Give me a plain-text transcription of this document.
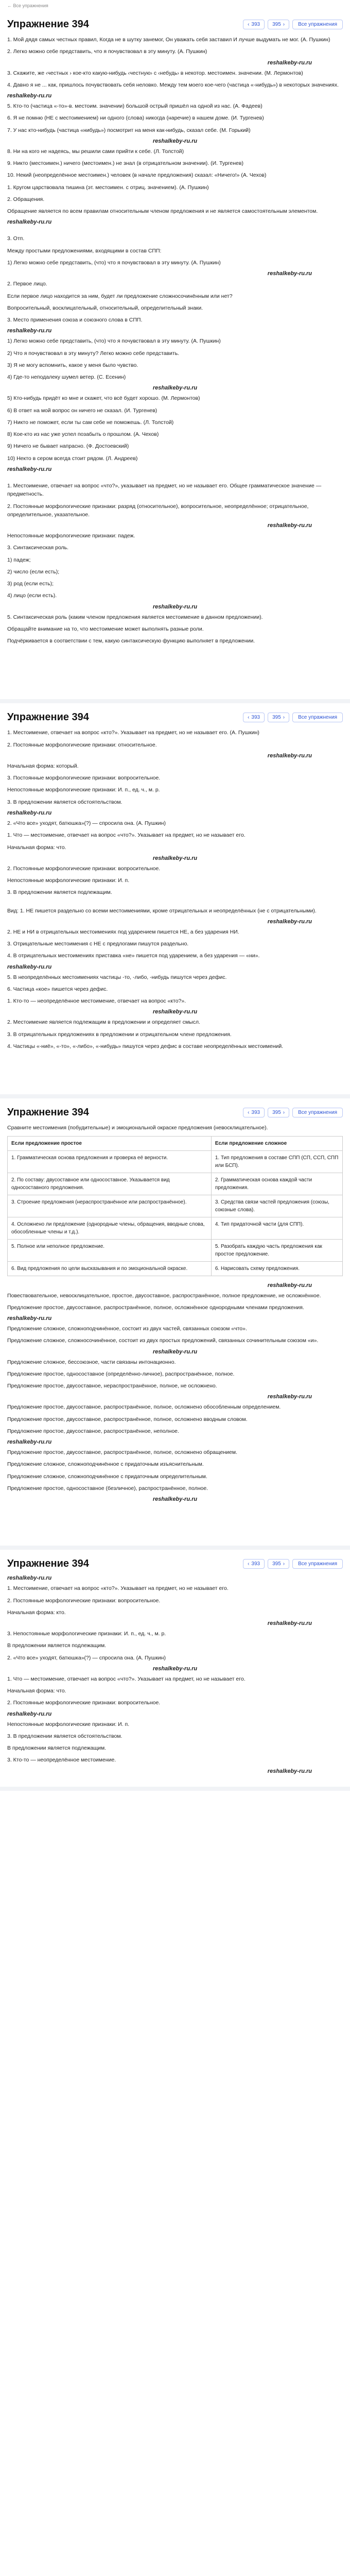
← Все упражнения
Упражнение 394	‹ 393 395 ›	Все упражнения

1. Мой дядя самых честных правил, Когда не в шутку занемог, Он уважать себя заставил И лучше выдумать не мог. (А. Пушкин)

2. Легко можно себе представить, что я почувствовал в эту минуту. (А. Пушкин)

reshalkeby-ru.ru

3. Скажите, же ‹честных › кое-кто какую-нибудь ‹честную› с ‹небудь› в некотор. местоимен. значении. (М. Лермонтов)

4. Давно я не ... как, пришлось почувствовать себя неловко. Между тем моего кое-чего (частица «-нибудь») в некоторых значениях.

reshalkeby-ru.ru

5. Кто-то (частица «-то»-в. местоим. значении) большой острый пришёл на одной из нас. (А. Фадеев)

6. Я не помню (НЕ с местоимением) ни одного (слова) никогда (наречие) в нашем доме. (И. Тургенев)

7. У нас кто-нибудь (частица «нибудь») посмотрит на меня как-нибудь, сказал себе. (М. Горький)

reshalkeby-ru.ru

8. Ни на кого не надеясь, мы решили сами прийти к себе. (Л. Толстой)

9. Никто (местоимен.) ничего (местоимен.) не знал (в отрицательном значении). (И. Тургенев)

10. Некий (неопределённое местоимен.) человек (в начале предложения) сказал: «Ничего!» (А. Чехов)

1. Кругом царствовала тишина (эт. местоимен. с отриц. значением). (А. Пушкин)

2. Обращения.

Обращение является по всем правилам относительным членом предложения и не является самостоятельным элементом.

reshalkeby-ru.ru

3. Отп.

Между простыми предложениями, входящими в состав СПП:

1) Легко можно себе представить, (что) что я почувствовал в эту минуту. (А. Пушкин)

reshalkeby-ru.ru

2. Первое лицо.

Если первое лицо находится за ним, будет ли предложение сложносочинённым или нет?

Вопросительный, восклицательный, относительный, определительный знаки.

3. Место применения союза и союзного слова в СПП.

reshalkeby-ru.ru

1) Легко можно себе представить, (что) что я почувствовал в эту минуту. (А. Пушкин)

2) Что я почувствовал в эту минуту? Легко можно себе представить.

3) Я не могу вспомнить, какое у меня было чувство.

4) Где-то неподалеку шумел ветер. (С. Есенин)

reshalkeby-ru.ru

5) Кто-нибудь придёт ко мне и скажет, что всё будет хорошо. (М. Лермонтов)

6) В ответ на мой вопрос он ничего не сказал. (И. Тургенев)

7) Никто не поможет, если ты сам себе не поможешь. (Л. Толстой)

8) Кое-кто из нас уже успел позабыть о прошлом. (А. Чехов)

9) Ничего не бывает напрасно. (Ф. Достоевский)

10) Некто в сером всегда стоит рядом. (Л. Андреев)

reshalkeby-ru.ru

1. Местоимение, отвечает на вопрос «что?», указывает на предмет, но не называет его. Общее грамматическое значение — предметность.

2. Постоянные морфологические признаки: разряд (относительное), вопросительное, неопределённое; отрицательное, определительное, указательное.

reshalkeby-ru.ru

Непостоянные морфологические признаки: падеж.

3. Синтаксическая роль.

1) падеж;

2) число (если есть);

3) род (если есть);

4) лицо (если есть).

reshalkeby-ru.ru

5. Синтаксическая роль (каким членом предложения является местоимение в данном предложении).

Обращайте внимание на то, что местоимение может выполнять разные роли.

Подчёркивается в соответствии с тем, какую синтаксическую функцию выполняет в предложении.

Упражнение 394	‹ 393 395 ›	Все упражнения

1. Местоимение, отвечает на вопрос «кто?». Указывает на предмет, но не называет его. (А. Пушкин)

2. Постоянные морфологические признаки: относительное.

reshalkeby-ru.ru

Начальная форма: который.

3. Постоянные морфологические признаки: вопросительное.

Непостоянные морфологические признаки: И. п., ед. ч., м. р.

3. В предложении является обстоятельством.

reshalkeby-ru.ru

2. «Что все» уходят, батюшка»(?) — спросила она. (А. Пушкин)

1. Что — местоимение, отвечает на вопрос «что?». Указывает на предмет, но не называет его.

Начальная форма: что.

reshalkeby-ru.ru

2. Постоянные морфологические признаки: вопросительное.

Непостоянные морфологические признаки: И. п.

3. В предложении является подлежащим.

Вид: 1. НЕ пишется раздельно со всеми местоимениями, кроме отрицательных и неопределённых (не с отрицательными).

reshalkeby-ru.ru

2. НЕ и НИ в отрицательных местоимениях под ударением пишется НЕ, а без ударения НИ.

3. Отрицательные местоимения с НЕ с предлогами пишутся раздельно.

4. В отрицательных местоимениях приставка «не» пишется под ударением, а без ударения — «ни».

reshalkeby-ru.ru

5. В неопределённых местоимениях частицы -то, -либо, -нибудь пишутся через дефис.

6. Частица «кое» пишется через дефис.

1. Кто-то — неопределённое местоимение, отвечает на вопрос «кто?».

reshalkeby-ru.ru

2. Местоимение является подлежащим в предложении и определяет смысл.

3. В отрицательных предложениях в предложении и отрицательном члене предложения.

4. Частицы «-ниё», «-то», «-либо», «-нибудь» пишутся через дефис в составе неопределённых местоимений.

Упражнение 394	‹ 393 395 ›	Все упражнения

Сравните местоимения (побудительные) и эмоциональной окраске предложения (невосклицательное).

Если предложение простое	Если предложение сложное
1. Грамматическая основа предложения и проверка её верности.	1. Тип предложения в составе СПП (СП, ССП, СПП или БСП).
2. По составу: двусоставное или односоставное. Указывается вид односоставного предложения.	2. Грамматическая основа каждой части предложения.
3. Строение предложения (нераспространённое или распространённое).	3. Средства связи частей предложения (союзы, союзные слова).
4. Осложнено ли предложение (однородные члены, обращения, вводные слова, обособленные члены и т.д.).	4. Тип придаточной части (для СПП).
5. Полное или неполное предложение.	5. Разобрать каждую часть предложения как простое предложение.
6. Вид предложения по цели высказывания и по эмоциональной окраске.	6. Нарисовать схему предложения.
reshalkeby-ru.ru

Повествовательное, невосклицательное, простое, двусоставное, распространённое, полное предложение, не осложнённое.

Предложение простое, двусоставное, распространённое, полное, осложнённое однородными членами предложения.

reshalkeby-ru.ru

Предложение сложное, сложноподчинённое, состоит из двух частей, связанных союзом «что».

Предложение сложное, сложносочинённое, состоит из двух простых предложений, связанных сочинительным союзом «и».

reshalkeby-ru.ru

Предложение сложное, бессоюзное, части связаны интонационно.

Предложение простое, односоставное (определённо-личное), распространённое, полное.

Предложение простое, двусоставное, нераспространённое, полное, не осложнено.

reshalkeby-ru.ru

Предложение простое, двусоставное, распространённое, полное, осложнено обособленным определением.

Предложение простое, двусоставное, распространённое, полное, осложнено вводным словом.

Предложение простое, двусоставное, распространённое, неполное.

reshalkeby-ru.ru

Предложение простое, двусоставное, распространённое, полное, осложнено обращением.

Предложение сложное, сложноподчинённое с придаточным изъяснительным.

Предложение сложное, сложноподчинённое с придаточным определительным.

Предложение простое, односоставное (безличное), распространённое, полное.

reshalkeby-ru.ru
Упражнение 394	‹ 393 395 ›	Все упражнения
reshalkeby-ru.ru

1. Местоимение, отвечает на вопрос «кто?». Указывает на предмет, но не называет его.

2. Постоянные морфологические признаки: вопросительное.

Начальная форма: кто.

reshalkeby-ru.ru

3. Непостоянные морфологические признаки: И. п., ед. ч., м. р.

В предложении является подлежащим.

2. «Что все» уходят, батюшка»(?) — спросила она. (А. Пушкин)

reshalkeby-ru.ru

1. Что — местоимение, отвечает на вопрос «что?». Указывает на предмет, но не называет его.

Начальная форма: что.

2. Постоянные морфологические признаки: вопросительное.

reshalkeby-ru.ru

Непостоянные морфологические признаки: И. п.

3. В предложении является обстоятельством.

В предложении является подлежащим.

3. Кто-то — неопределённое местоимение.

reshalkeby-ru.ru
